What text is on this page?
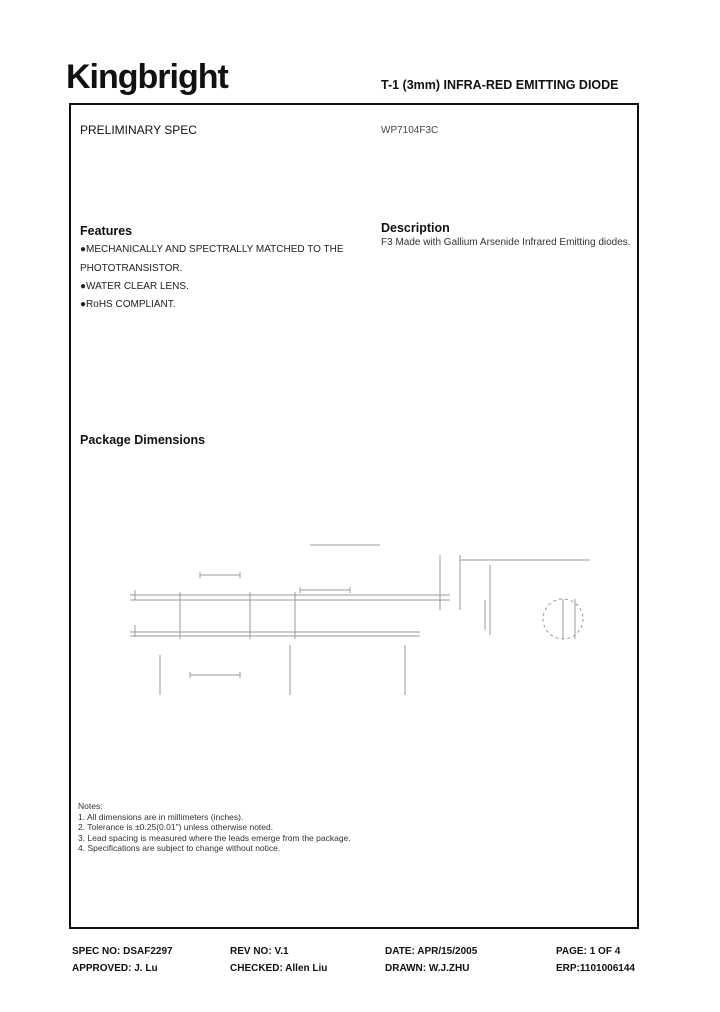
Kingbright	T-1 (3mm) INFRA-RED EMITTING DIODE
PRELIMINARY SPEC	WP7104F3C
Features
●MECHANICALLY AND SPECTRALLY MATCHED TO THE
PHOTOTRANSISTOR.
●WATER CLEAR LENS.
●RoHS COMPLIANT.
Description
F3 Made with Gallium Arsenide Infrared Emitting diodes.
Package Dimensions
Notes:
1. All dimensions are in millimeters (inches).
2. Tolerance is ±0.25(0.01") unless otherwise noted.
3. Lead spacing is measured where the leads emerge from the package.
4. Specifications are subject to change without notice.
SPEC NO: DSAF2297	REV NO: V.1	DATE: APR/15/2005	PAGE: 1 OF 4
APPROVED: J. Lu	CHECKED: Allen Liu	DRAWN: W.J.ZHU	ERP:1101006144
